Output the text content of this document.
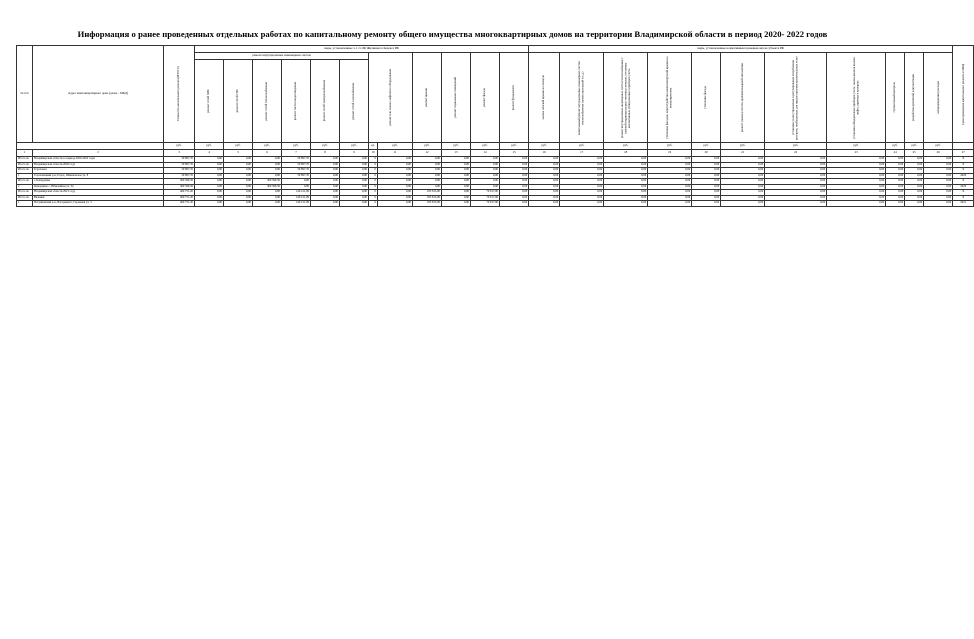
Информация о ранее проведенных отдельных работах по капитальному ремонту общего имущества многоквартирных домов на территории Владимирской области в период 2020- 2022 годов
№ п/п	Адрес многоквартирного дома (далее - МКД)	Стоимость капитального ремонта(ИТОГО)	виды, установленные ч.1 ст.166 Жилищного Кодекса РФ												виды, установленные нормативным правовым актом субъекта РФ											Срок проведения капитального ремонта в МКД

			ремонт внутридомовых инженерных систем						ремонт или замена лифтового оборудования		ремонт крыши	ремонт подвальных помещений	ремонт фасада	ремонт фундамента	замена плоской крыши на скатную	капитальный ремонт внутридомовых инженерных систем теплоснабжения (замена котельной и т.д.)	ремонт внутридомовых инженерных систем теплоснабжения с заменой индивидуальных тепловых пунктов, установка коллективных (общедомовых) приборов учета	утепление фасадов, переустройство невентилируемой крыши на вентилируемую	утепление фасада	ремонт (замена) систем противопожарной автоматики	установка узлов управления и регулирования потребления ресурсов, необходимых для предоставления коммунальных услуг	установка общедомовых приборов учета, замена кнопок вызова лифта, приемка и контроль	строительный контроль	разработка проектной документации	непредвиденные расходы	

			ремонт сетей ХВС	ремонт сетей ГВС	ремонт сетей теплоснабжения	ремонт систем водоотведения	ремонт сетей электроснабжения	ремонт сетей газоснабжения																		

		руб.	руб.	руб.	руб.	руб.	руб.	руб.	ед.	руб.	руб.	руб.	руб.	руб.	руб.	руб.	руб.	руб.	руб.	руб.	руб.	руб.	руб.	руб.	руб.	
1	2	3	4	5	6	7	8	9	10	11	12	13	14	15	16	17	18	19	20	21	22	23	24	25	26	27
Итого по	Владимирской области за период 2020-2022 годы	59 897,35	0,00	0,00	0,00	59 897,35	0,00	0,00	0	0,00	0,00	0,00	0,00	0,00	0,00	0,00	0,00	0,00	0,00	0,00	0,00	0,00	0,00	0,00	0,00	X
Итого по	Владимирской области 2020 году	59 897,35	0,00	0,00	0,00	59 897,35	0,00	0,00	0	0,00	0,00	0,00	0,00	0,00	0,00	0,00	0,00	0,00	0,00	0,00	0,00	0,00	0,00	0,00	0,00	X
Итого по	Гороховец	59 897,35	0,00	0,00	0,00	59 897,35	0,00	0,00	0	0,00	0,00	0,00	0,00	0,00	0,00	0,00	0,00	0,00	0,00	0,00	0,00	0,00	0,00	0,00	0,00	X
1	Гороховецкий р-н, Город, Шекшовское ул, 8	59 897,35	0,00	0,00	0,00	59 897,35	0,00	0,00	0	0,00	0,00	0,00	0,00	0,00	0,00	0,00	0,00	0,00	0,00	0,00	0,00	0,00	0,00	0,00	0,00	2020
Итого по	г. Ковардицы	360 399,56	0,00	0,00	360 399,56	0,00	0,00	0,00	0	0,00	0,00	0,00	0,00	0,00	0,00	0,00	0,00	0,00	0,00	0,00	0,00	0,00	0,00	0,00	0,00	X
2	Ковардицы с, Юбилейная ул, 34	360 399,56	0,00	0,00	360 399,56	0,00	0,00	0,00	0	0,00	0,00	0,00	0,00	0,00	0,00	0,00	0,00	0,00	0,00	0,00	0,00	0,00	0,00	0,00	0,00	2020
Итого по	Владимирской области 2021 году	400 751,20	0,00	0,00	0,00	146 121,09	0,00	0,00	0	0,00	185 813,00	0,00	79 617,00	0,00	0,00	0,00	0,00	0,00	0,00	0,00	0,00	0,00	0,00	0,00	0,00	X
Итого по	Вязники	400 751,20	0,00	0,00	0,00	146 121,09	0,00	0,00	0	0,00	185 813,00	0,00	79 617,00	0,00	0,00	0,00	0,00	0,00	0,00	0,00	0,00	0,00	0,00	0,00	0,00	X
1	Петушинский р-н, Нагорный п, Гаражная ул, 3	400 751,20	0,00	0,00	0,00	146 121,09	0,00	0,00	0	0,00	185 813,00	0,00	79 617,00	0,00	0,00	0,00	0,00	0,00	0,00	0,00	0,00	0,00	0,00	0,00	0,00	2021
